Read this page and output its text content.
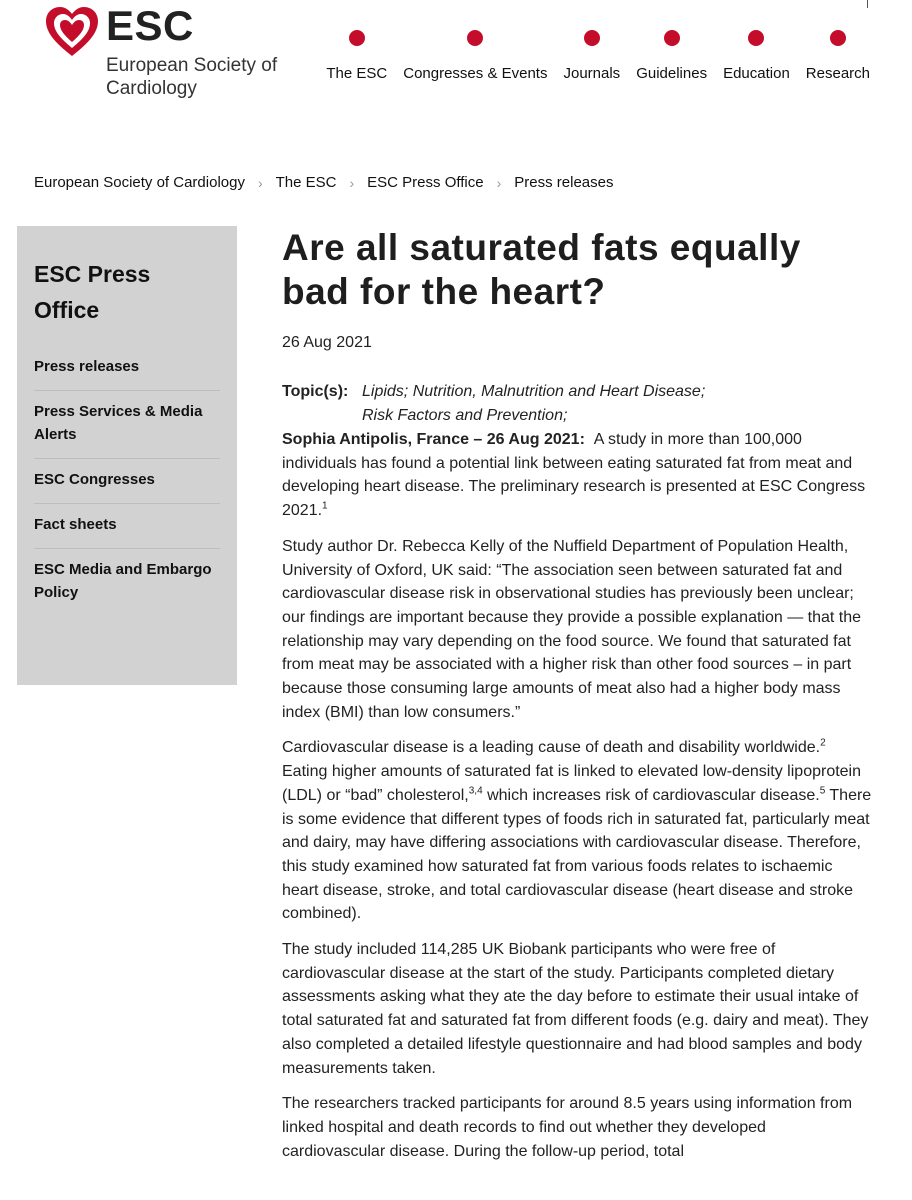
ESC
European Society of Cardiology
The ESC Congresses & Events Journals Guidelines Education Research
European Society of Cardiology › The ESC › ESC Press Office › Press releases
ESC Press Office
Press releases
Press Services & Media Alerts
ESC Congresses
Fact sheets
ESC Media and Embargo Policy
Are all saturated fats equally bad for the heart?
26 Aug 2021
Topic(s): Lipids; Nutrition, Malnutrition and Heart Disease;
Risk Factors and Prevention;

Sophia Antipolis, France – 26 Aug 2021: A study in more than 100,000 individuals has found a potential link between eating saturated fat from meat and developing heart disease. The preliminary research is presented at ESC Congress 2021.$^1$

Study author Dr. Rebecca Kelly of the Nuffield Department of Population Health, University of Oxford, UK said: “The association seen between saturated fat and cardiovascular disease risk in observational studies has previously been unclear; our findings are important because they provide a possible explanation — that the relationship may vary depending on the food source. We found that saturated fat from meat may be associated with a higher risk than other food sources – in part because those consuming large amounts of meat also had a higher body mass index (BMI) than low consumers.”

Cardiovascular disease is a leading cause of death and disability worldwide.$^2$ Eating higher amounts of saturated fat is linked to elevated low-density lipoprotein (LDL) or “bad” cholesterol,$^{3,4}$ which increases risk of cardiovascular disease.$^5$ There is some evidence that different types of foods rich in saturated fat, particularly meat and dairy, may have differing associations with cardiovascular disease. Therefore, this study examined how saturated fat from various foods relates to ischaemic heart disease, stroke, and total cardiovascular disease (heart disease and stroke combined).

The study included 114,285 UK Biobank participants who were free of cardiovascular disease at the start of the study. Participants completed dietary assessments asking what they ate the day before to estimate their usual intake of total saturated fat and saturated fat from different foods (e.g. dairy and meat). They also completed a detailed lifestyle questionnaire and had blood samples and body measurements taken.

The researchers tracked participants for around 8.5 years using information from linked hospital and death records to find out whether they developed cardiovascular disease. During the follow-up period, total
